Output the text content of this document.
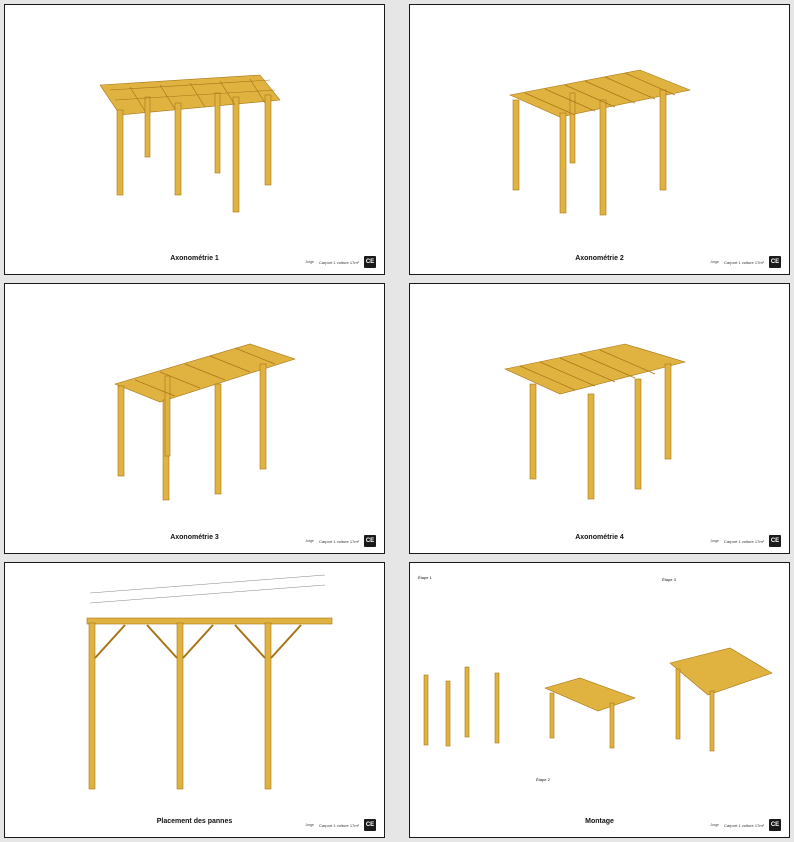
Axonométrie 1	Jorge Carport 1 voiture 17m²	CE	Axonométrie 2	Jorge Carport 1 voiture 17m²	CE
Axonométrie 3	Jorge Carport 1 voiture 17m²	CE	Axonométrie 4	Jorge Carport 1 voiture 17m²	CE
Placement des pannes	Jorge Carport 1 voiture 17m²	CE
Étape 1	Étape 3
Étape 2
Montage	Jorge Carport 1 voiture 17m²	CE
